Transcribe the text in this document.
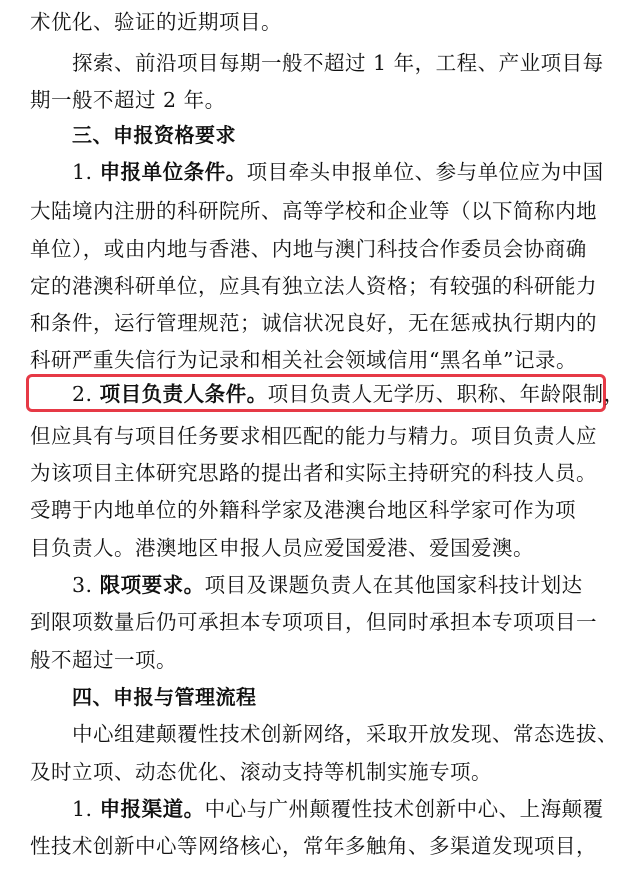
术优化、验证的近期项目。
探索、前沿项目每期一般不超过 1 年，工程、产业项目每
期一般不超过 2 年。
三、申报资格要求
1. 申报单位条件。项目牵头申报单位、参与单位应为中国
大陆境内注册的科研院所、高等学校和企业等（以下简称内地
单位），或由内地与香港、内地与澳门科技合作委员会协商确
定的港澳科研单位，应具有独立法人资格；有较强的科研能力
和条件，运行管理规范；诚信状况良好，无在惩戒执行期内的
科研严重失信行为记录和相关社会领域信用“黑名单”记录。
2. 项目负责人条件。项目负责人无学历、职称、年龄限制，
但应具有与项目任务要求相匹配的能力与精力。项目负责人应
为该项目主体研究思路的提出者和实际主持研究的科技人员。
受聘于内地单位的外籍科学家及港澳台地区科学家可作为项
目负责人。港澳地区申报人员应爱国爱港、爱国爱澳。
3. 限项要求。项目及课题负责人在其他国家科技计划达
到限项数量后仍可承担本专项项目，但同时承担本专项项目一
般不超过一项。
四、申报与管理流程
中心组建颠覆性技术创新网络，采取开放发现、常态选拔、
及时立项、动态优化、滚动支持等机制实施专项。
1. 申报渠道。中心与广州颠覆性技术创新中心、上海颠覆
性技术创新中心等网络核心，常年多触角、多渠道发现项目，
